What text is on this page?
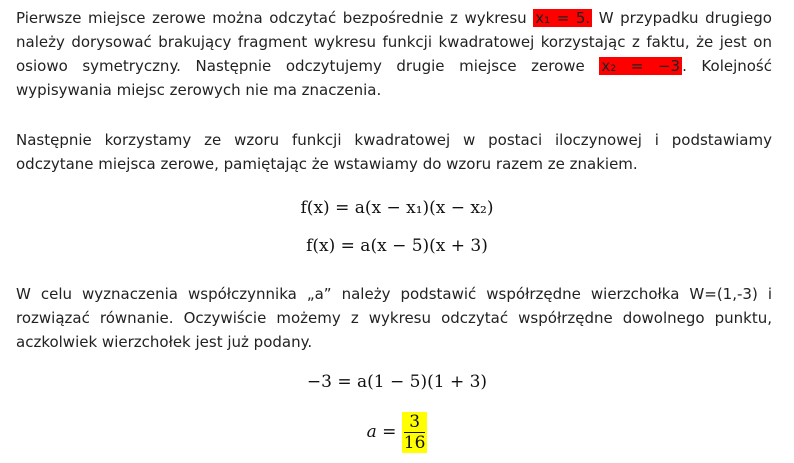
Pierwsze miejsce zerowe można odczytać bezpośrednie z wykresu x₁ = 5. W przypadku drugiego należy dorysować brakujący fragment wykresu funkcji kwadratowej korzystając z faktu, że jest on osiowo symetryczny. Następnie odczytujemy drugie miejsce zerowe x₂ = −3 . Kolejność wypisywania miejsc zerowych nie ma znaczenia.
Następnie korzystamy ze wzoru funkcji kwadratowej w postaci iloczynowej i podstawiamy odczytane miejsca zerowe, pamiętając że wstawiamy do wzoru razem ze znakiem.
f(x) = a(x − x₁)(x − x₂)
f(x) = a(x − 5)(x + 3)
W celu wyznaczenia współczynnika „a” należy podstawić współrzędne wierzchołka W=(1,-3) i rozwiązać równanie. Oczywiście możemy z wykresu odczytać współrzędne dowolnego punktu, aczkolwiek wierzchołek jest już podany.
−3 = a(1 − 5)(1 + 3)
$a = \frac{3}{16}$
